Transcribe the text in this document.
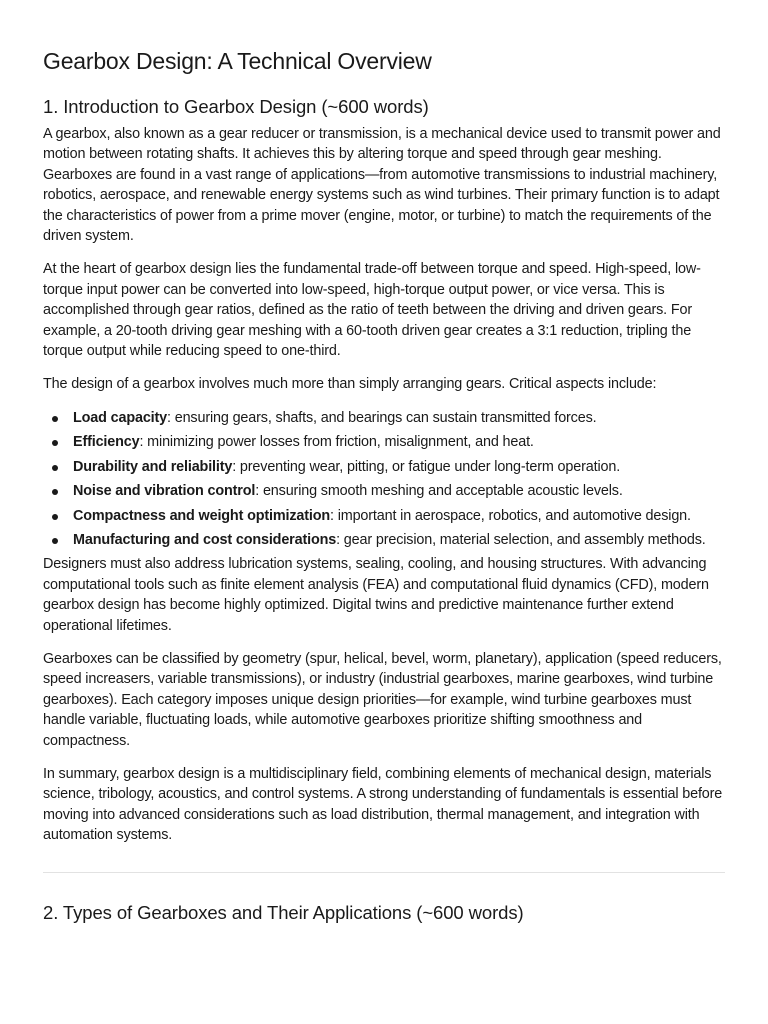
Gearbox Design: A Technical Overview
1. Introduction to Gearbox Design (~600 words)

A gearbox, also known as a gear reducer or transmission, is a mechanical device used to transmit power and motion between rotating shafts. It achieves this by altering torque and speed through gear meshing. Gearboxes are found in a vast range of applications—from automotive transmissions to industrial machinery, robotics, aerospace, and renewable energy systems such as wind turbines. Their primary function is to adapt the characteristics of power from a prime mover (engine, motor, or turbine) to match the requirements of the driven system.

At the heart of gearbox design lies the fundamental trade-off between torque and speed. High-speed, low-torque input power can be converted into low-speed, high-torque output power, or vice versa. This is accomplished through gear ratios, defined as the ratio of teeth between the driving and driven gears. For example, a 20-tooth driving gear meshing with a 60-tooth driven gear creates a 3:1 reduction, tripling the torque output while reducing speed to one-third.

The design of a gearbox involves much more than simply arranging gears. Critical aspects include:

Load capacity: ensuring gears, shafts, and bearings can sustain transmitted forces.
Efficiency: minimizing power losses from friction, misalignment, and heat.
Durability and reliability: preventing wear, pitting, or fatigue under long-term operation.
Noise and vibration control: ensuring smooth meshing and acceptable acoustic levels.
Compactness and weight optimization: important in aerospace, robotics, and automotive design.
Manufacturing and cost considerations: gear precision, material selection, and assembly methods.

Designers must also address lubrication systems, sealing, cooling, and housing structures. With advancing computational tools such as finite element analysis (FEA) and computational fluid dynamics (CFD), modern gearbox design has become highly optimized. Digital twins and predictive maintenance further extend operational lifetimes.

Gearboxes can be classified by geometry (spur, helical, bevel, worm, planetary), application (speed reducers, speed increasers, variable transmissions), or industry (industrial gearboxes, marine gearboxes, wind turbine gearboxes). Each category imposes unique design priorities—for example, wind turbine gearboxes must handle variable, fluctuating loads, while automotive gearboxes prioritize shifting smoothness and compactness.

In summary, gearbox design is a multidisciplinary field, combining elements of mechanical design, materials science, tribology, acoustics, and control systems. A strong understanding of fundamentals is essential before moving into advanced considerations such as load distribution, thermal management, and integration with automation systems.

2. Types of Gearboxes and Their Applications (~600 words)
